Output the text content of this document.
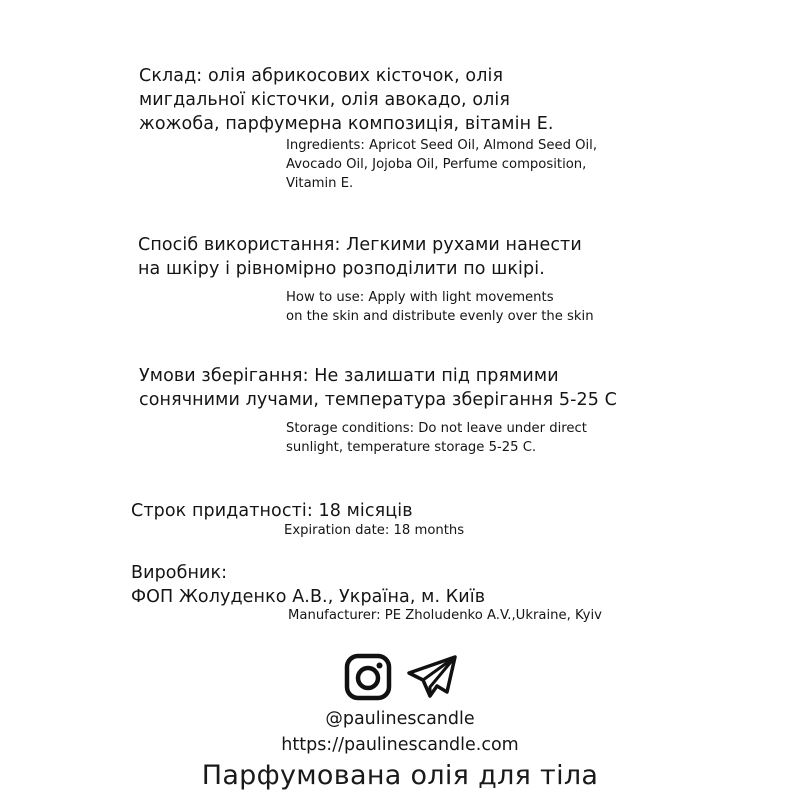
Склад: олія абрикосових кісточок, олія
мигдальної кісточки, олія авокадо, олія
жожоба, парфумерна композиція, вітамін Е.
Ingredients: Apricot Seed Oil, Almond Seed Oil,
Avocado Oil, Jojoba Oil, Perfume composition,
Vitamin E.
Спосіб використання: Легкими рухами нанести
на шкіру і рівномірно розподілити по шкірі.
How to use: Apply with light movements
on the skin and distribute evenly over the skin
Умови зберігання: Не залишати під прямими
сонячними лучами, температура зберігання 5-25 С
Storage conditions: Do not leave under direct
sunlight, temperature storage 5-25 C.
Строк придатності: 18 місяців
Expiration date: 18 months
Виробник:
ФОП Жолуденко А.В., Україна, м. Київ
Manufacturer: PE Zholudenko A.V.,Ukraine, Kyiv
@paulinescandle
https://paulinescandle.com
Парфумована олія для тіла
